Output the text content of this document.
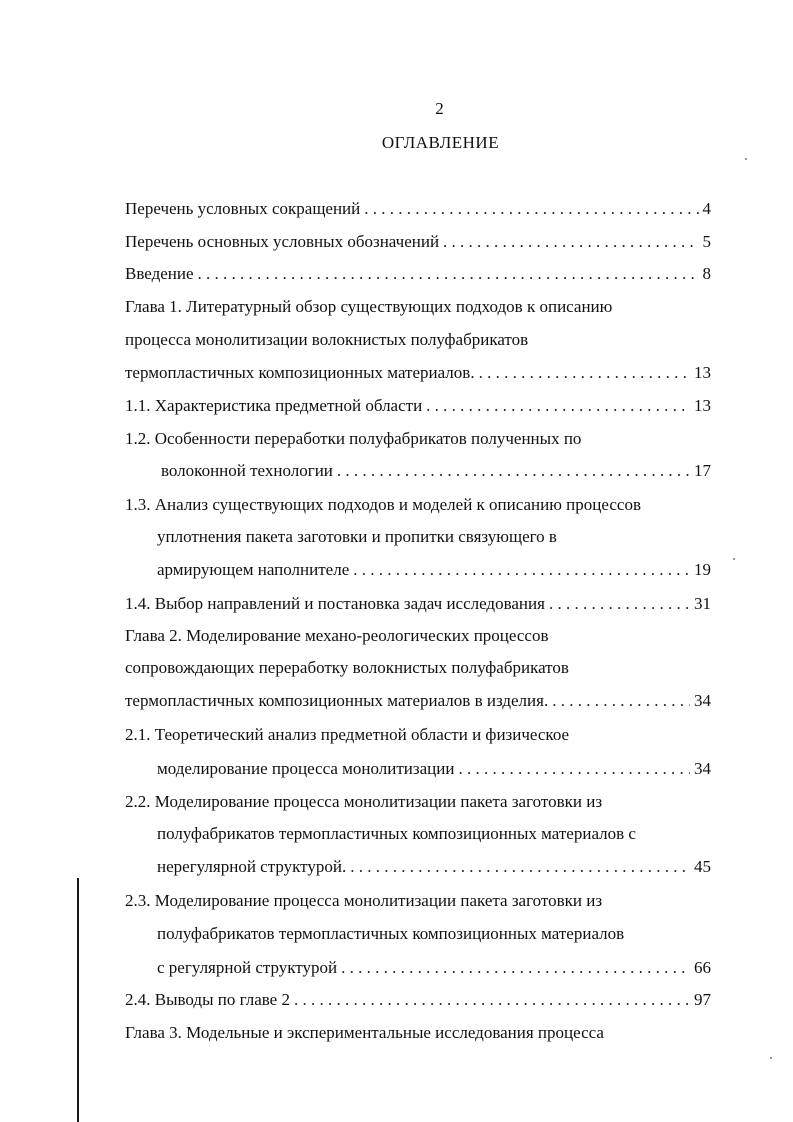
2
ОГЛАВЛЕНИЕ
Перечень условных сокращений . . .	4
Перечень основных условных обозначений . . .	5
Введение . . .	8
Глава 1. Литературный обзор существующих подходов к описанию
процесса монолитизации волокнистых полуфабрикатов
термопластичных композиционных материалов. . . .	13
1.1. Характеристика предметной области . . .	13
1.2. Особенности переработки полуфабрикатов полученных по
волоконной технологии . . .	17
1.3. Анализ существующих подходов и моделей к описанию процессов
уплотнения пакета заготовки и пропитки связующего в
армирующем наполнителе . . .	19
1.4. Выбор направлений и постановка задач исследования . . .	31
Глава 2. Моделирование механо-реологических процессов
сопровождающих переработку волокнистых полуфабрикатов
термопластичных композиционных материалов в изделия. . . .	34
2.1. Теоретический анализ предметной области и физическое
моделирование процесса монолитизации . . .	34
2.2. Моделирование процесса монолитизации пакета заготовки из
полуфабрикатов термопластичных композиционных материалов с
нерегулярной структурой. . . .	45
2.3. Моделирование процесса монолитизации пакета заготовки из
полуфабрикатов термопластичных композиционных материалов
с регулярной структурой . . .	66
2.4. Выводы по главе 2 . . .	97
Глава 3. Модельные и экспериментальные исследования процесса
